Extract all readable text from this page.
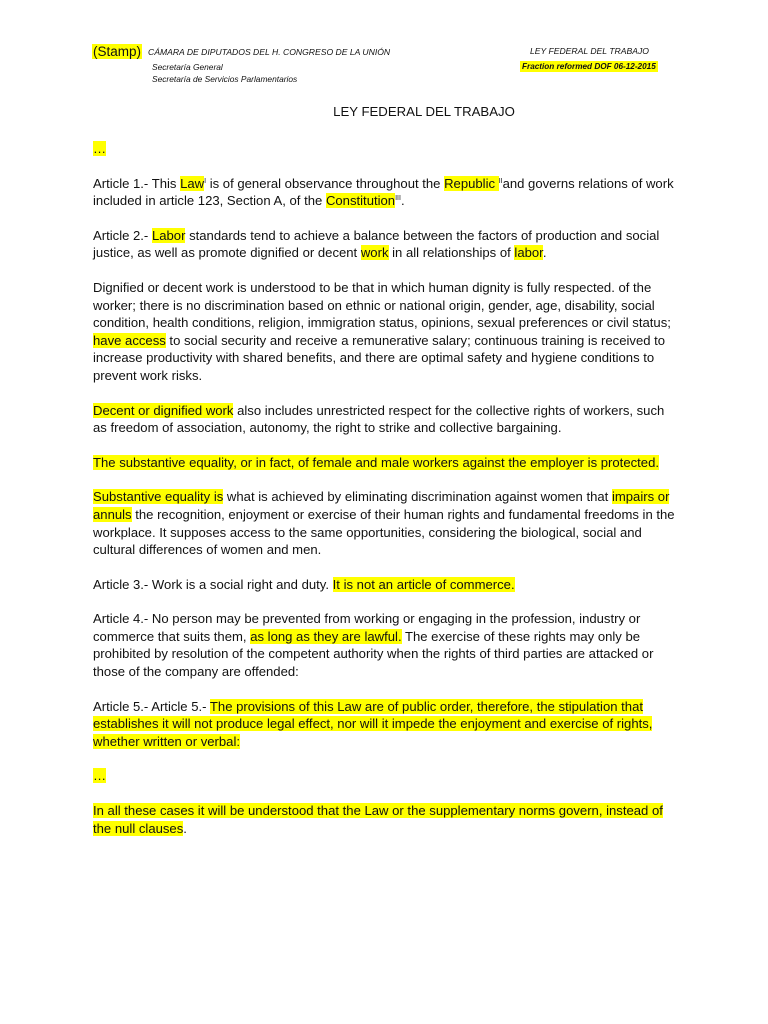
(Stamp) CÁMARA DE DIPUTADOS DEL H. CONGRESO DE LA UNIÓN
Secretaría General
Secretaría de Servicios Parlamentarios
LEY FEDERAL DEL TRABAJO
Fraction reformed DOF 06-12-2015
LEY FEDERAL DEL TRABAJO

…

Article 1.- This Law$^I$ is of general observance throughout the Republic $^{II}$and governs relations of work included in article 123, Section A, of the Constitution$^{III}$.

Article 2.- Labor standards tend to achieve a balance between the factors of production and social justice, as well as promote dignified or decent work in all relationships of labor.

Dignified or decent work is understood to be that in which human dignity is fully respected. of the worker; there is no discrimination based on ethnic or national origin, gender, age, disability, social condition, health conditions, religion, immigration status, opinions, sexual preferences or civil status; have access to social security and receive a remunerative salary; continuous training is received to increase productivity with shared benefits, and there are optimal safety and hygiene conditions to prevent work risks.

Decent or dignified work also includes unrestricted respect for the collective rights of workers, such as freedom of association, autonomy, the right to strike and collective bargaining.

The substantive equality, or in fact, of female and male workers against the employer is protected.

Substantive equality is what is achieved by eliminating discrimination against women that impairs or annuls the recognition, enjoyment or exercise of their human rights and fundamental freedoms in the workplace. It supposes access to the same opportunities, considering the biological, social and cultural differences of women and men.

Article 3.- Work is a social right and duty. It is not an article of commerce.

Article 4.- No person may be prevented from working or engaging in the profession, industry or commerce that suits them, as long as they are lawful. The exercise of these rights may only be prohibited by resolution of the competent authority when the rights of third parties are attacked or those of the company are offended:

Article 5.- Article 5.- The provisions of this Law are of public order, therefore, the stipulation that establishes it will not produce legal effect, nor will it impede the enjoyment and exercise of rights, whether written or verbal:

…

In all these cases it will be understood that the Law or the supplementary norms govern, instead of the null clauses.
